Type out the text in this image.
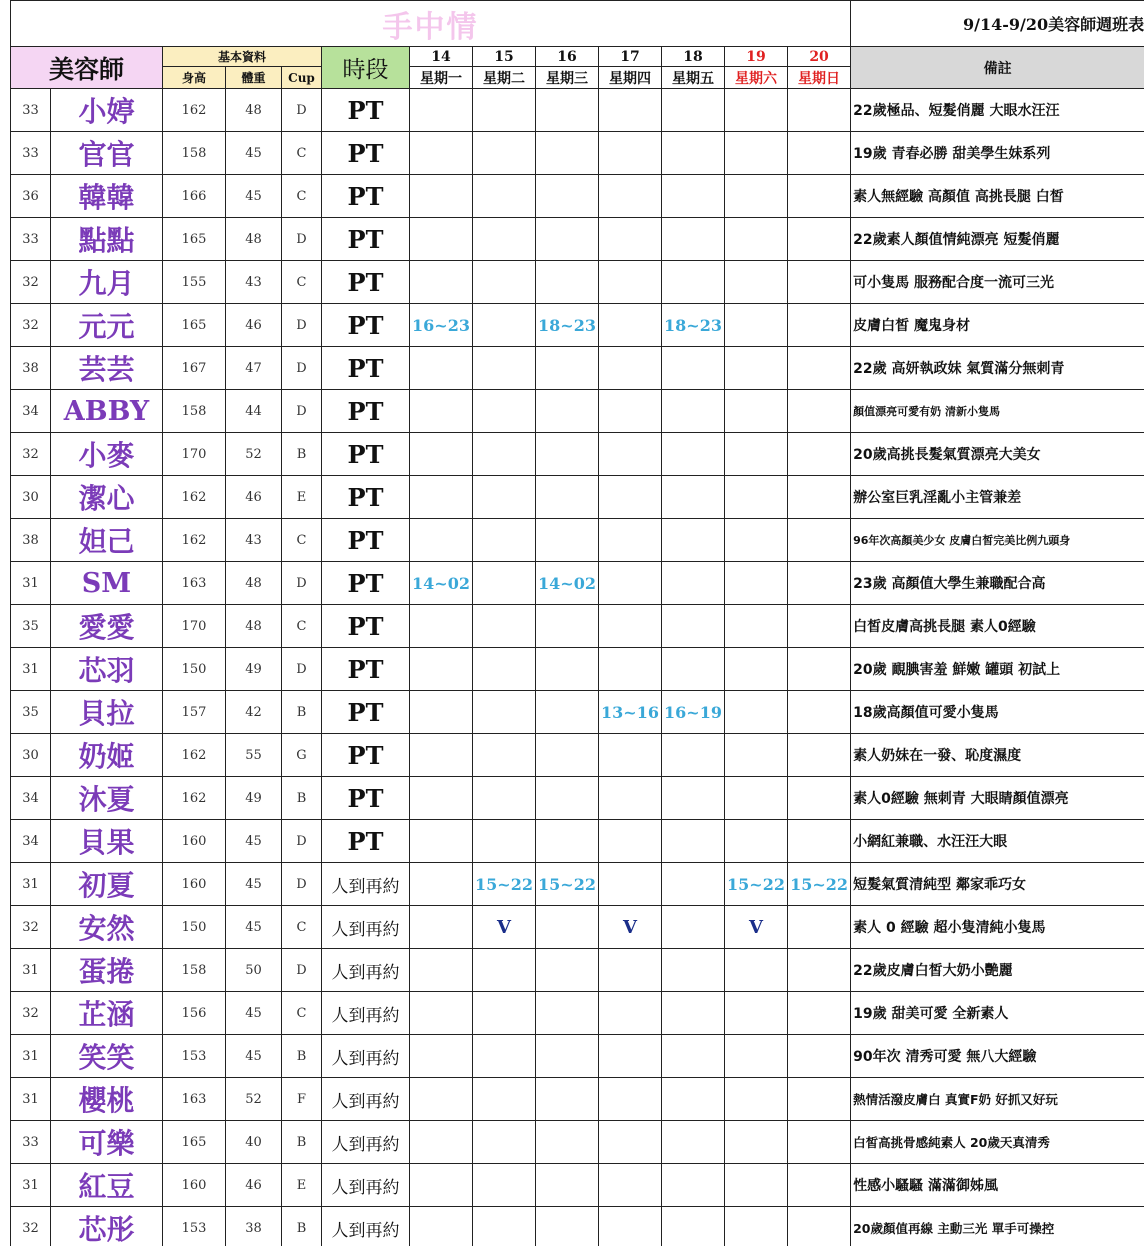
手中情													9/14-9/20美容師週班表
美容師		基本資料			時段	14	15	16	17	18	19	20	備註
		身高	體重	Cup		星期一	星期二	星期三	星期四	星期五	星期六	星期日	
33	小婷	162	48	D	PT								22歲極品、短髮俏麗 大眼水汪汪
33	官官	158	45	C	PT								19歲 青春必勝 甜美學生妹系列
36	韓韓	166	45	C	PT								素人無經驗 高顏值 高挑長腿 白皙
33	點點	165	48	D	PT								22歲素人顏值情純漂亮 短髮俏麗
32	九月	155	43	C	PT								可小隻馬 服務配合度一流可三光
32	元元	165	46	D	PT	16~23		18~23		18~23			皮膚白皙 魔鬼身材
38	芸芸	167	47	D	PT								22歲 高妍執政妹 氣質滿分無刺青
34	ABBY	158	44	D	PT								顏值漂亮可愛有奶 清新小隻馬
32	小麥	170	52	B	PT								20歲高挑長髮氣質漂亮大美女
30	潔心	162	46	E	PT								辦公室巨乳淫亂小主管兼差
38	妲己	162	43	C	PT								96年次高顏美少女 皮膚白皙完美比例九頭身
31	SM	163	48	D	PT	14~02		14~02					23歲 高顏值大學生兼職配合高
35	愛愛	170	48	C	PT								白皙皮膚高挑長腿 素人0經驗
31	芯羽	150	49	D	PT								20歲 靦腆害羞 鮮嫩 罐頭 初試上
35	貝拉	157	42	B	PT				13~16	16~19			18歲高顏值可愛小隻馬
30	奶姬	162	55	G	PT								素人奶妹在一發、恥度濕度
34	沐夏	162	49	B	PT								素人0經驗 無刺青 大眼睛顏值漂亮
34	貝果	160	45	D	PT								小網紅兼職、水汪汪大眼
31	初夏	160	45	D	人到再約		15~22	15~22			15~22	15~22	短髮氣質清純型 鄰家乖巧女
32	安然	150	45	C	人到再約		V		V		V		素人 0 經驗 超小隻清純小隻馬
31	蛋捲	158	50	D	人到再約								22歲皮膚白皙大奶小艷麗
32	芷涵	156	45	C	人到再約								19歲 甜美可愛 全新素人
31	笑笑	153	45	B	人到再約								90年次 清秀可愛 無八大經驗
31	櫻桃	163	52	F	人到再約								熱情活潑皮膚白 真實F奶 好抓又好玩
33	可樂	165	40	B	人到再約								白皙高挑骨感純素人 20歲天真清秀
31	紅豆	160	46	E	人到再約								性感小騷騷 滿滿御姊風
32	芯彤	153	38	B	人到再約								20歲顏值再線 主動三光 單手可操控
